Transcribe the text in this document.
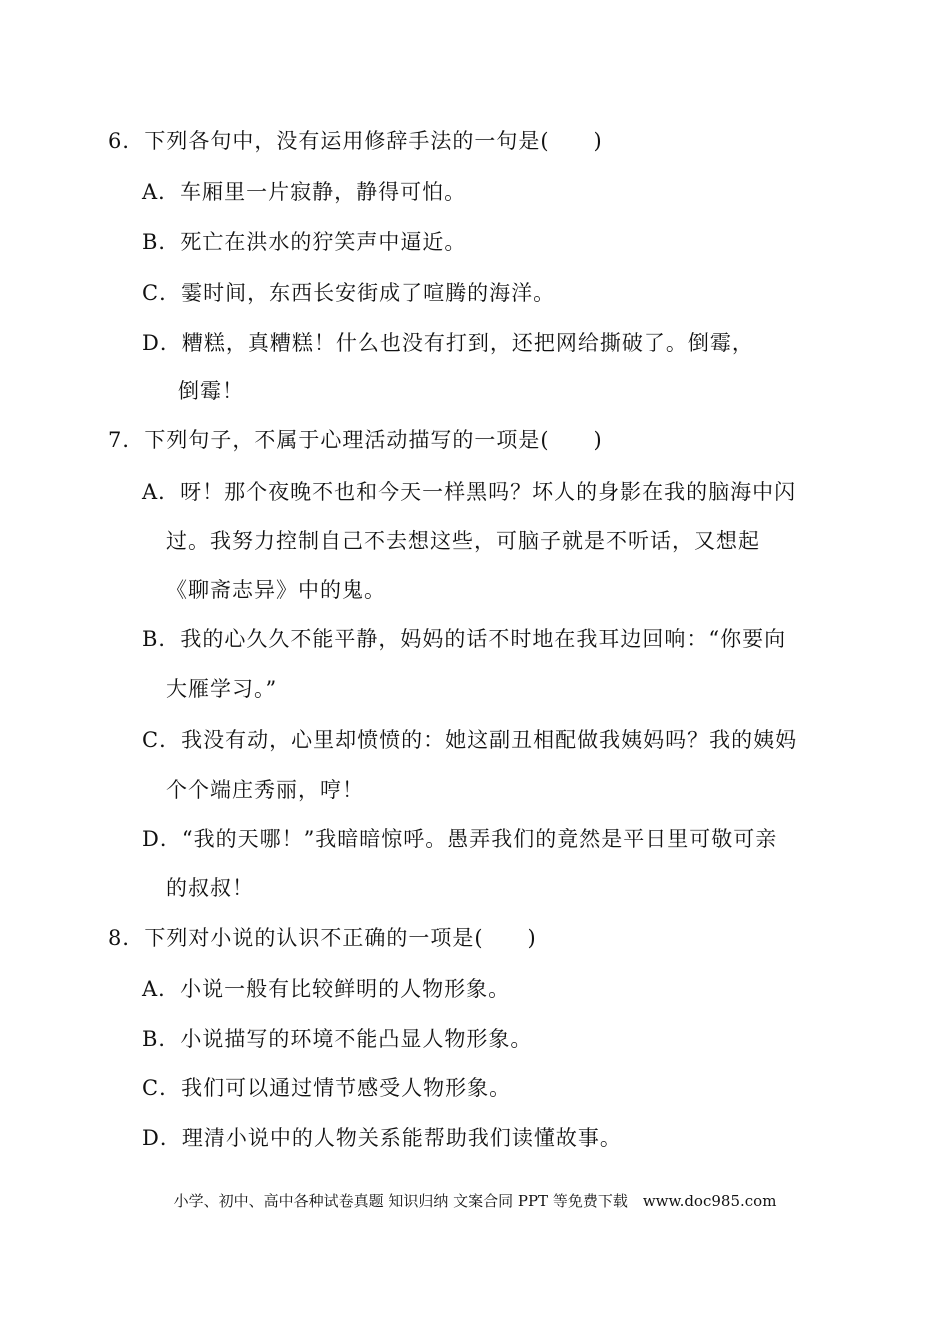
6．下列各句中，没有运用修辞手法的一句是(　　)
A．车厢里一片寂静，静得可怕。
B．死亡在洪水的狞笑声中逼近。
C．霎时间，东西长安街成了喧腾的海洋。
D．糟糕，真糟糕！什么也没有打到，还把网给撕破了。倒霉，
倒霉！
7．下列句子，不属于心理活动描写的一项是(　　)
A．呀！那个夜晚不也和今天一样黑吗？坏人的身影在我的脑海中闪
过。我努力控制自己不去想这些，可脑子就是不听话，又想起
《聊斋志异》中的鬼。
B．我的心久久不能平静，妈妈的话不时地在我耳边回响：“你要向
大雁学习。”
C．我没有动，心里却愤愤的：她这副丑相配做我姨妈吗？我的姨妈
个个端庄秀丽，哼！
D．“我的天哪！”我暗暗惊呼。愚弄我们的竟然是平日里可敬可亲
的叔叔！
8．下列对小说的认识不正确的一项是(　　)
A．小说一般有比较鲜明的人物形象。
B．小说描写的环境不能凸显人物形象。
C．我们可以通过情节感受人物形象。
D．理清小说中的人物关系能帮助我们读懂故事。
小学、初中、高中各种试卷真题 知识归纳 文案合同 PPT 等免费下载　www.doc985.com
